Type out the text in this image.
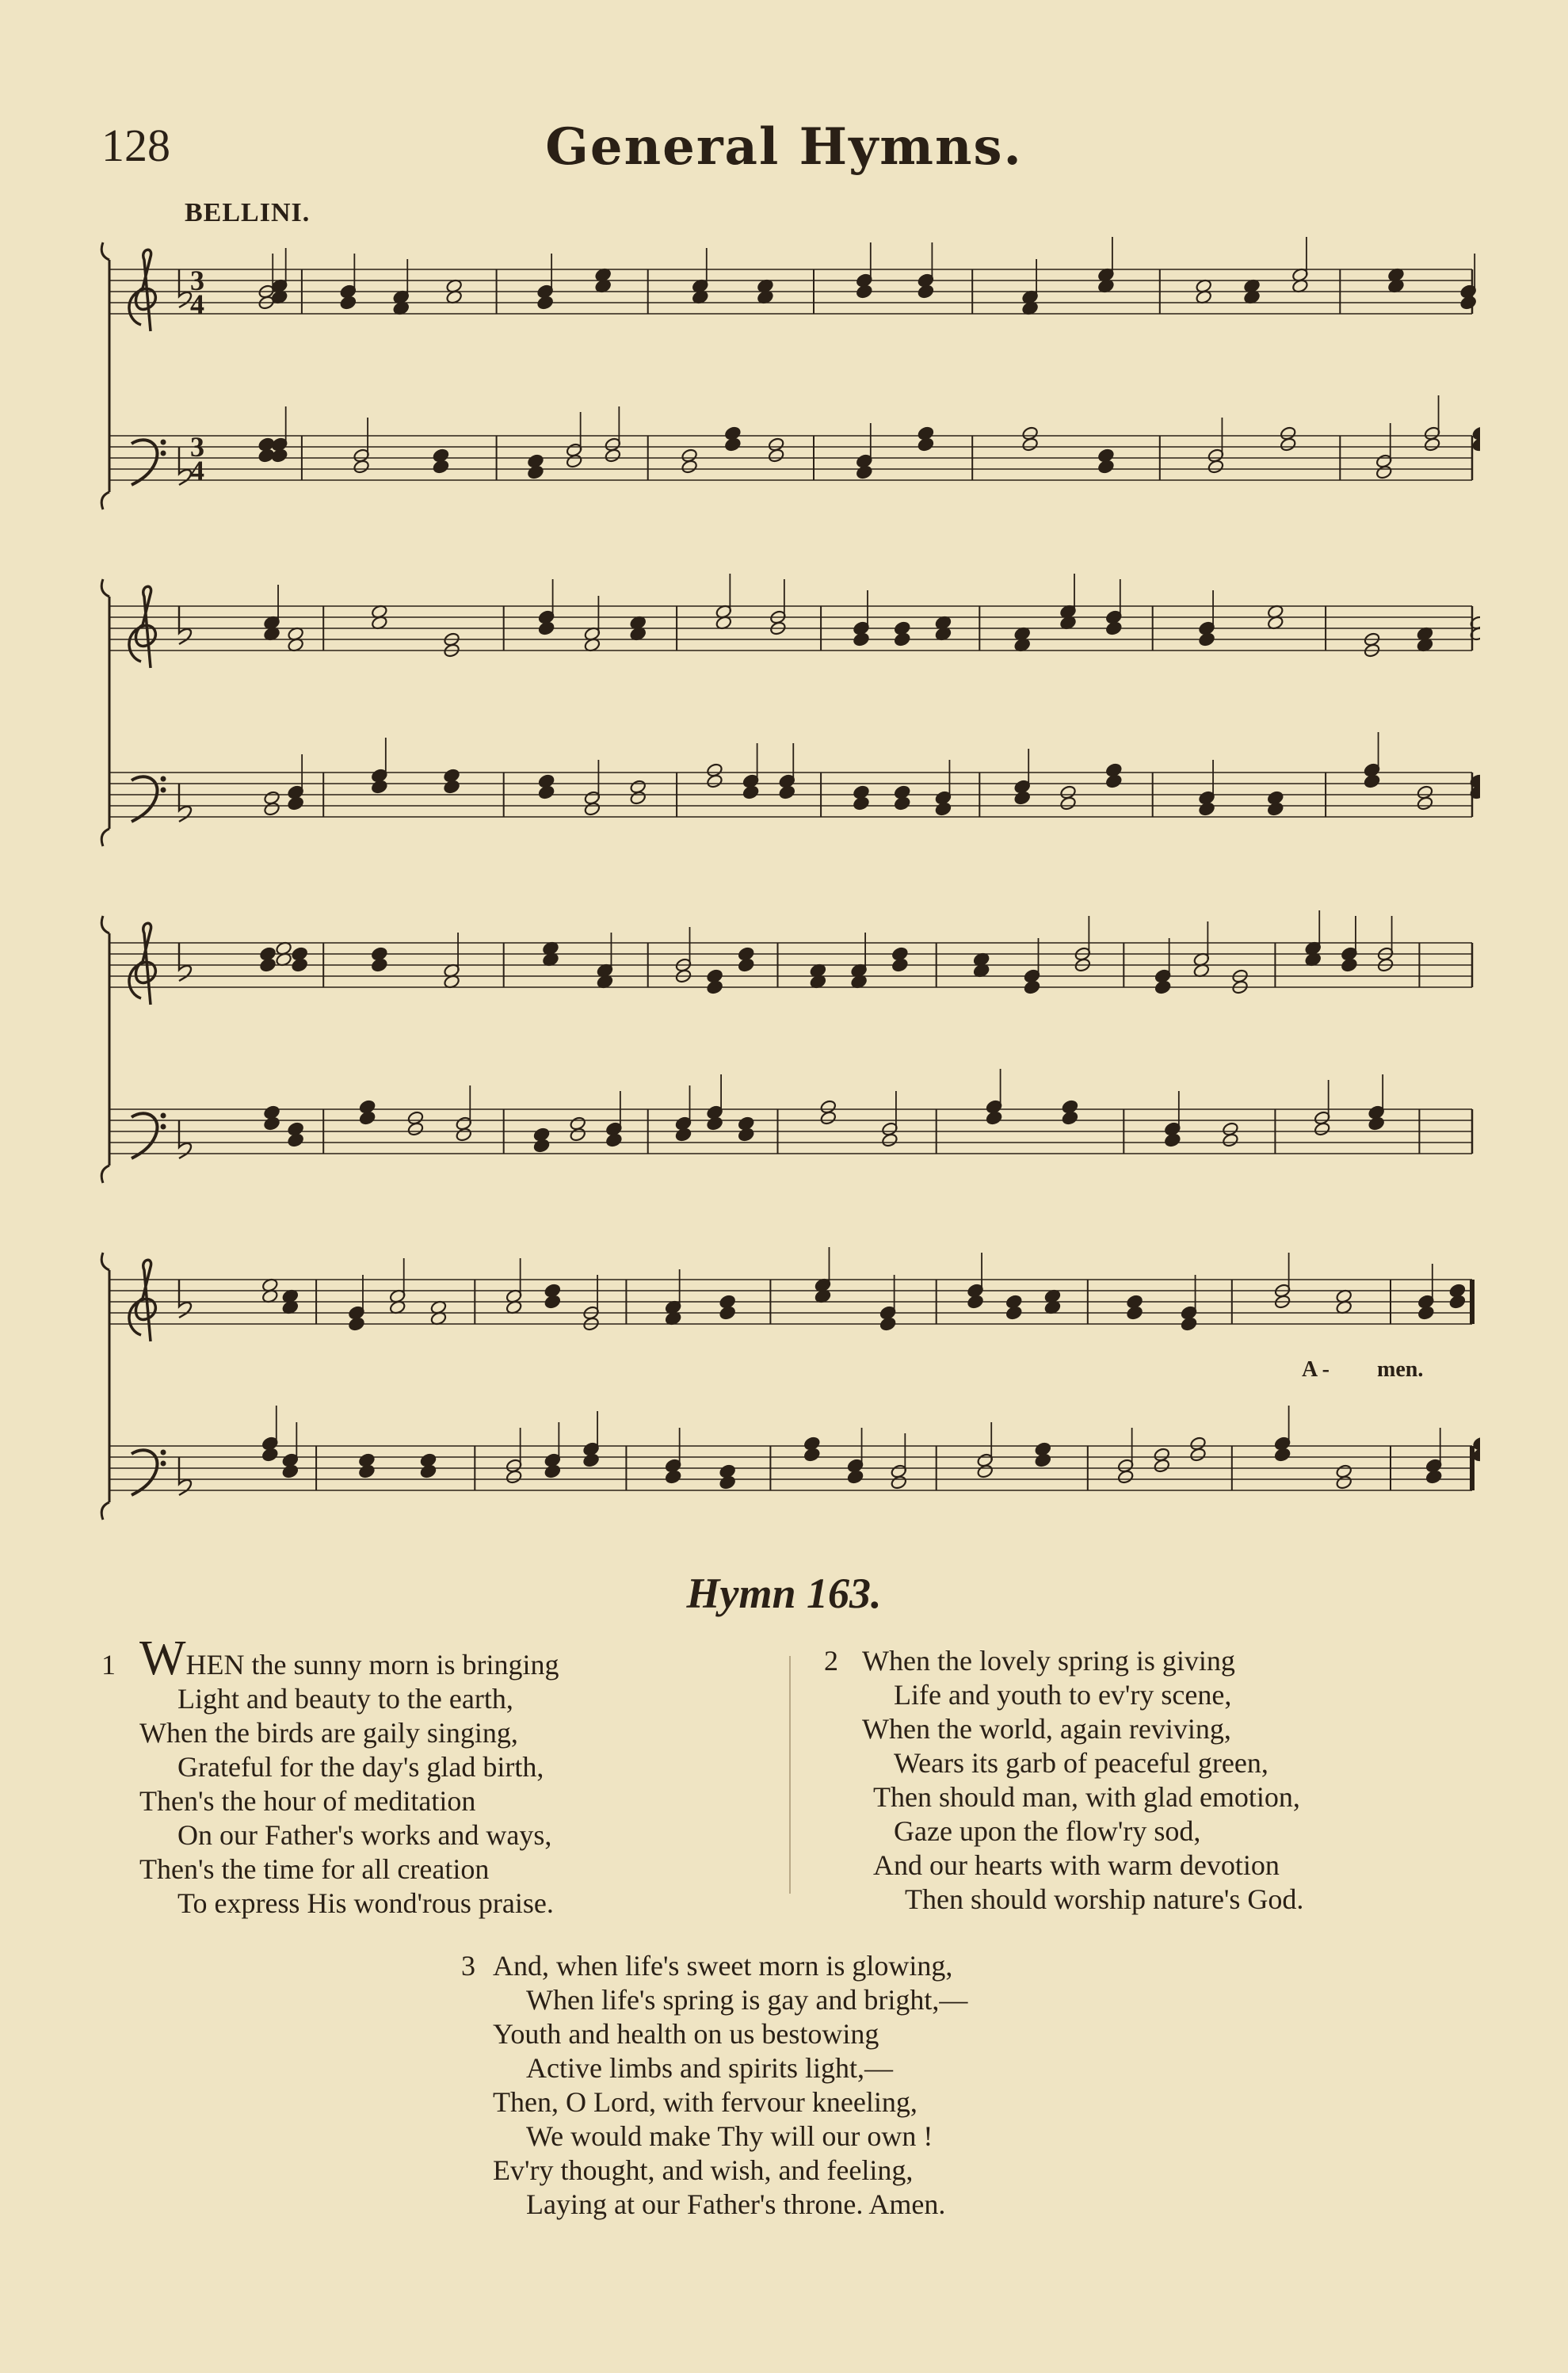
128	General Hymns.
BELLINI.
3
4
3
4
A - men.
Hymn 163.
1 WHEN the sunny morn is bringing
Light and beauty to the earth,
When the birds are gaily singing,
Grateful for the day's glad birth,
Then's the hour of meditation
On our Father's works and ways,
Then's the time for all creation
To express His wond'rous praise.
2 When the lovely spring is giving
Life and youth to ev'ry scene,
When the world, again reviving,
Wears its garb of peaceful green,
Then should man, with glad emotion,
Gaze upon the flow'ry sod,
And our hearts with warm devotion
Then should worship nature's God.
3 And, when life's sweet morn is glowing,
When life's spring is gay and bright,—
Youth and health on us bestowing
Active limbs and spirits light,—
Then, O Lord, with fervour kneeling,
We would make Thy will our own !
Ev'ry thought, and wish, and feeling,
Laying at our Father's throne. Amen.
